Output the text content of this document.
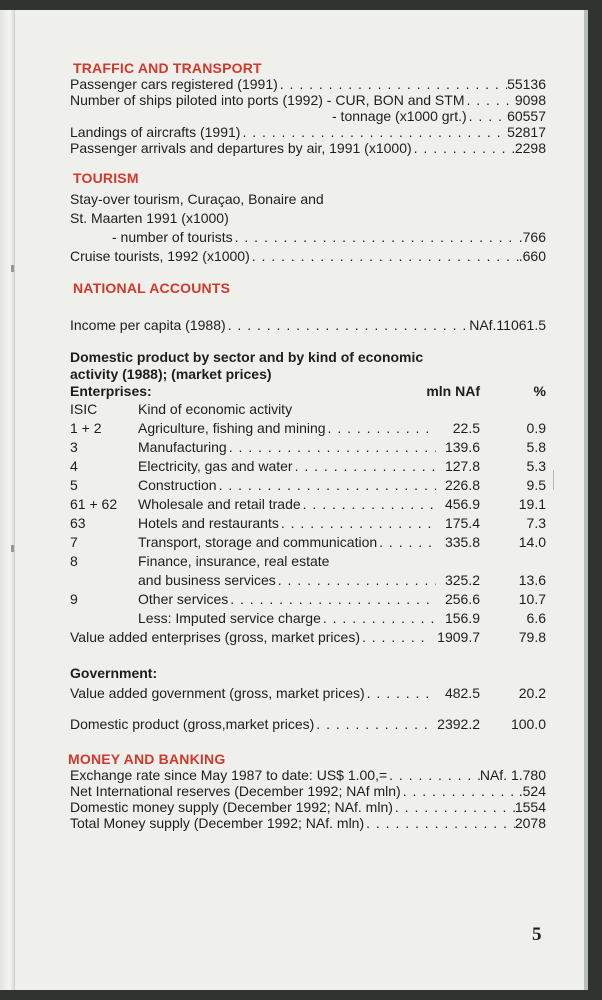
TRAFFIC AND TRANSPORT
Passenger cars registered (1991) . . .	55136
Number of ships piloted into ports (1992) - CUR, BON and STM . . .	9098
- tonnage (x1000 grt.) . . .	60557
Landings of aircrafts (1991) . . .	52817
Passenger arrivals and departures by air, 1991 (x1000) . . .	2298
TOURISM
Stay-over tourism, Curaçao, Bonaire and
St. Maarten 1991 (x1000)
- number of tourists . . .	.766
Cruise tourists, 1992 (x1000) . . .	.660
NATIONAL ACCOUNTS
Income per capita (1988) . . .	NAf.11061.5
Domestic product by sector and by kind of economic
activity (1988); (market prices)
Enterprises:	mln NAf	%
ISIC	Kind of economic activity
1 + 2	Agriculture, fishing and mining . . .	22.5	0.9
3	Manufacturing . . .	139.6	5.8
4	Electricity, gas and water . . .	127.8	5.3
5	Construction . . .	226.8	9.5
61 + 62	Wholesale and retail trade . . .	456.9	19.1
63	Hotels and restaurants . . .	175.4	7.3
7	Transport, storage and communication . . .	335.8	14.0
8	Finance, insurance, real estate
and business services . . .	325.2	13.6
9	Other services . . .	256.6	10.7
Less: Imputed service charge . . .	156.9	6.6
Value added enterprises (gross, market prices) . . .	1909.7	79.8
Government:
Value added government (gross, market prices) . . .	482.5	20.2
Domestic product (gross,market prices) . . .	2392.2	100.0
MONEY AND BANKING
Exchange rate since May 1987 to date: US$ 1.00,= . . .	NAf. 1.780
Net International reserves (December 1992; NAf mln) . . .	.524
Domestic money supply (December 1992; NAf. mln) . . .	1554
Total Money supply (December 1992; NAf. mln) . . .	2078
5
